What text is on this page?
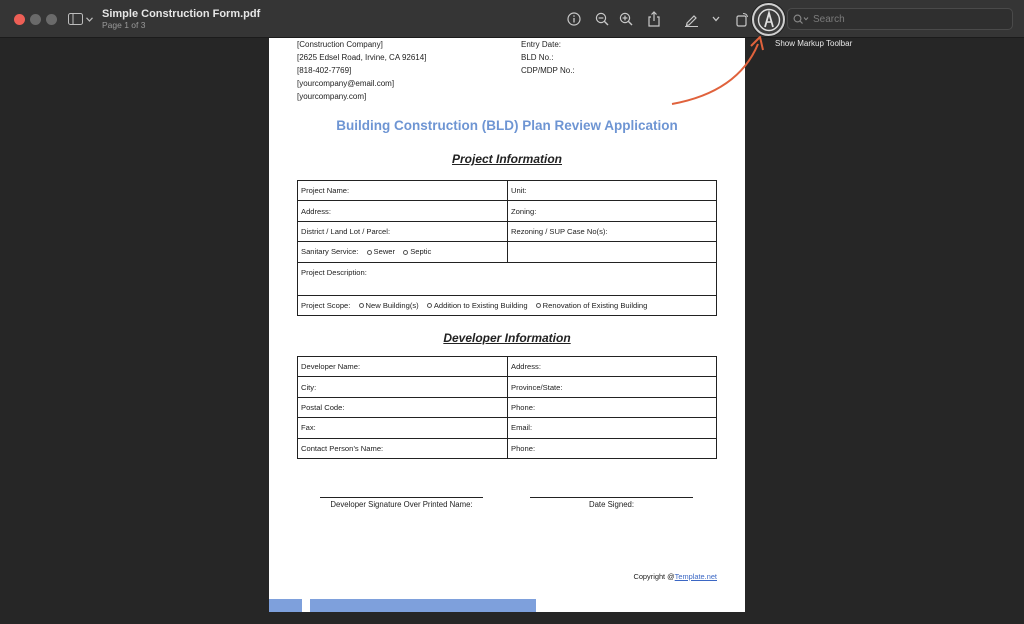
Simple Construction Form.pdf
Page 1 of 3
Search
Show Markup Toolbar
[Construction Company]
[2625 Edsel Road, Irvine, CA 92614]
[818-402-7769]
[yourcompany@email.com]
[yourcompany.com]
Entry Date:
BLD No.:
CDP/MDP No.:
Building Construction (BLD) Plan Review Application
Project Information
Project Name:	Unit:
Address:	Zoning:
District / Land Lot / Parcel:	Rezoning / SUP Case No(s):
Sanitary Service: Sewer Septic	
Project Description:	
Project Scope: New Building(s) Addition to Existing Building Renovation of Existing Building	
Developer Information
Developer Name:	Address:
City:	Province/State:
Postal Code:	Phone:
Fax:	Email:
Contact Person’s Name:	Phone:
Developer Signature Over Printed Name:	Date Signed:
Copyright @Template.net
